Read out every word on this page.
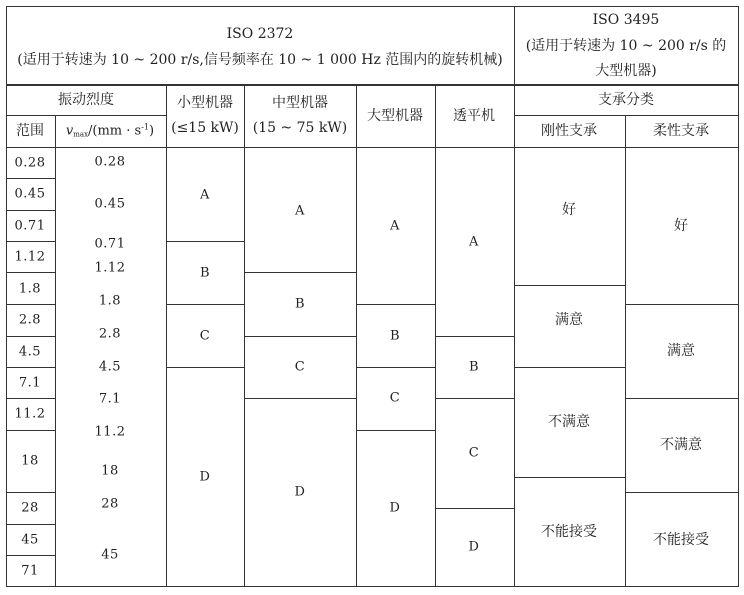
ISO 2372
(适用于转速为 10 ~ 200 r/s,信号频率在 10 ~ 1 000 Hz 范围内的旋转机械)
ISO 3495
(适用于转速为 10 ~ 200 r/s 的
大型机器)
振动烈度
范围 $v_{max}/(mm \cdot s^{-1})$
小型机器
(≤15 kW)
中型机器
(15 ~ 75 kW)
大型机器 透平机
支承分类
刚性支承	柔性支承
0.28
0.45
0.71
1.12
1.8
2.8
4.5
7.1
11.2
18
28
45
71
0.28
0.45
0.71
1.12
1.8
2.8
4.5
7.1
11.2
18
28
45
A
B
C
D
A
B
C
D
A
B
C
D
A
B
C
D
好
满意
不满意
不能接受
好
满意
不满意
不能接受
